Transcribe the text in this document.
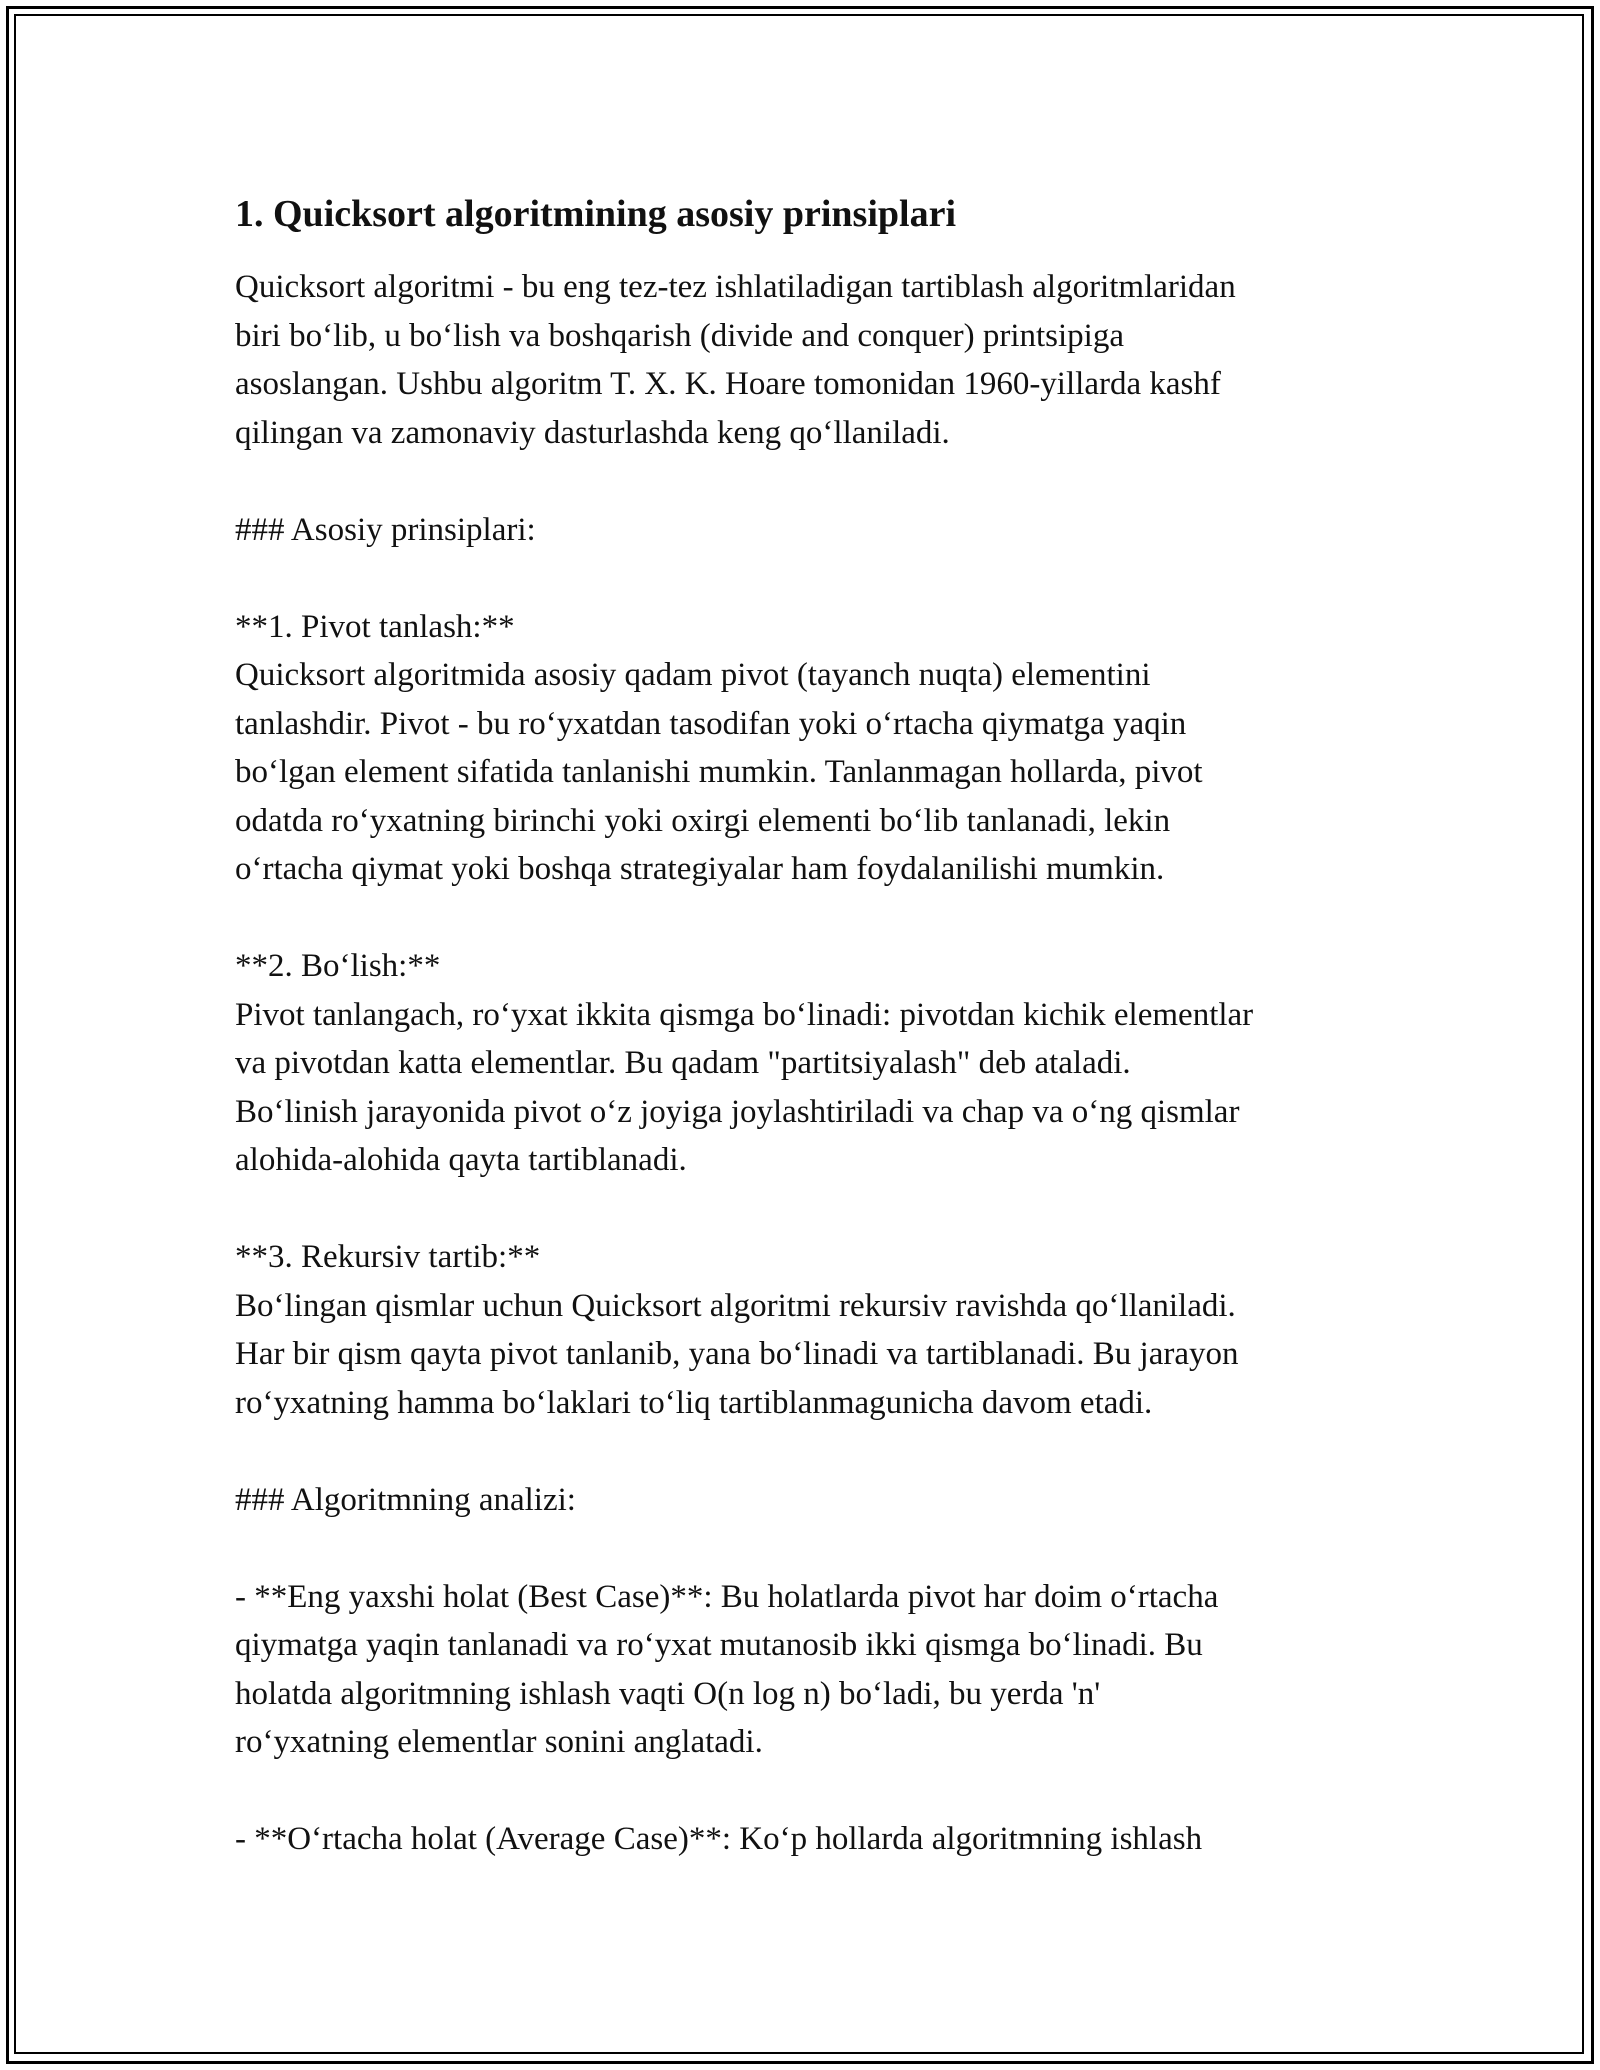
1. Quicksort algoritmining asosiy prinsiplari
Quicksort algoritmi - bu eng tez-tez ishlatiladigan tartiblash algoritmlaridan
biri bo‘lib, u bo‘lish va boshqarish (divide and conquer) printsipiga
asoslangan. Ushbu algoritm T. X. K. Hoare tomonidan 1960-yillarda kashf
qilingan va zamonaviy dasturlashda keng qo‘llaniladi.
### Asosiy prinsiplari:
**1. Pivot tanlash:**
Quicksort algoritmida asosiy qadam pivot (tayanch nuqta) elementini
tanlashdir. Pivot - bu ro‘yxatdan tasodifan yoki o‘rtacha qiymatga yaqin
bo‘lgan element sifatida tanlanishi mumkin. Tanlanmagan hollarda, pivot
odatda ro‘yxatning birinchi yoki oxirgi elementi bo‘lib tanlanadi, lekin
o‘rtacha qiymat yoki boshqa strategiyalar ham foydalanilishi mumkin.
**2. Bo‘lish:**
Pivot tanlangach, ro‘yxat ikkita qismga bo‘linadi: pivotdan kichik elementlar
va pivotdan katta elementlar. Bu qadam "partitsiyalash" deb ataladi.
Bo‘linish jarayonida pivot o‘z joyiga joylashtiriladi va chap va o‘ng qismlar
alohida-alohida qayta tartiblanadi.
**3. Rekursiv tartib:**
Bo‘lingan qismlar uchun Quicksort algoritmi rekursiv ravishda qo‘llaniladi.
Har bir qism qayta pivot tanlanib, yana bo‘linadi va tartiblanadi. Bu jarayon
ro‘yxatning hamma bo‘laklari to‘liq tartiblanmagunicha davom etadi.
### Algoritmning analizi:
- **Eng yaxshi holat (Best Case)**: Bu holatlarda pivot har doim o‘rtacha
qiymatga yaqin tanlanadi va ro‘yxat mutanosib ikki qismga bo‘linadi. Bu
holatda algoritmning ishlash vaqti O(n log n) bo‘ladi, bu yerda 'n'
ro‘yxatning elementlar sonini anglatadi.
- **O‘rtacha holat (Average Case)**: Ko‘p hollarda algoritmning ishlash
